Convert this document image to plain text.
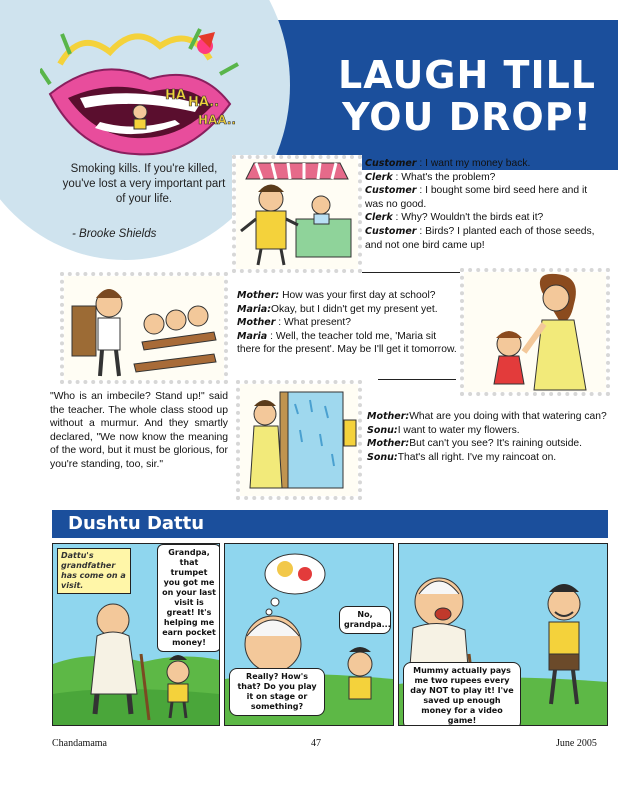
LAUGH TILL
YOU DROP!
HA HA..
HAA..
Smoking kills. If you're killed, you've lost a very important part of your life.
- Brooke Shields

Customer : I want my money back.

Clerk : What's the problem?

Customer : I bought some bird seed here and it was no good.

Clerk : Why? Wouldn't the birds eat it?

Customer : Birds? I planted each of those seeds, and not one bird came up!

"Who is an imbecile? Stand up!" said the teacher. The whole class stood up without a murmur. And they smartly declared, "We now know the meaning of the word, but it must be glorious, for you're standing, too, sir."

Mother: How was your first day at school?

Maria:Okay, but I didn't get my present yet.

Mother : What present?

Maria : Well, the teacher told me, 'Maria sit there for the present'. May be I'll get it tomorrow.

Mother:What are you doing with that watering can?

Sonu:I want to water my flowers.

Mother:But can't you see? It's raining outside.

Sonu:That's all right. I've my raincoat on.

Dushtu Dattu
Dattu's grandfather has come on a visit.
Grandpa, that trumpet you got me on your last visit is great! It's helping me earn pocket money!
No, grandpa...
Really? How's that? Do you play it on stage or something?
Mummy actually pays me two rupees every day NOT to play it! I've saved up enough money for a video game!
Chandamama	47	June 2005
